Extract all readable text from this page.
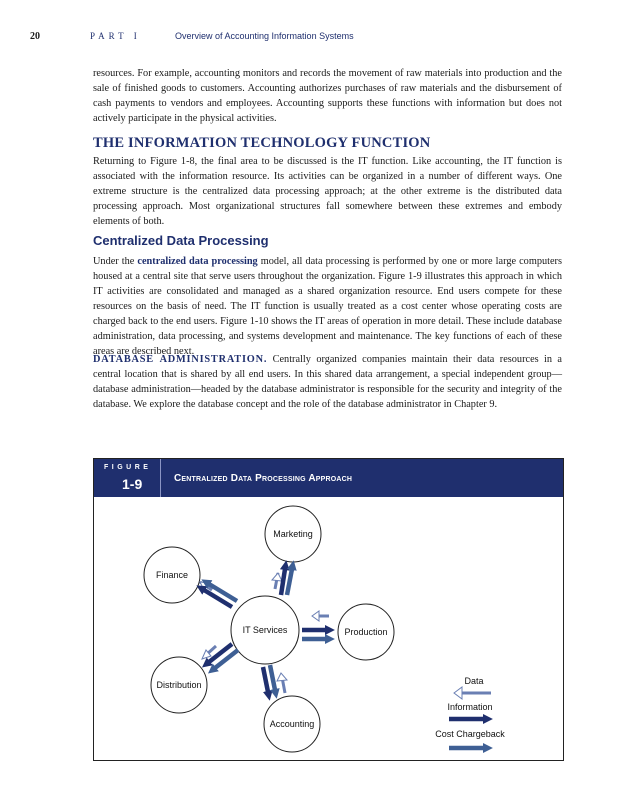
20	PART I	Overview of Accounting Information Systems

resources. For example, accounting monitors and records the movement of raw materials into production and the sale of finished goods to customers. Accounting authorizes purchases of raw materials and the disbursement of cash payments to vendors and employees. Accounting supports these functions with information but does not actively participate in the physical activities.

THE INFORMATION TECHNOLOGY FUNCTION

Returning to Figure 1-8, the final area to be discussed is the IT function. Like accounting, the IT function is associated with the information resource. Its activities can be organized in a number of different ways. One extreme structure is the centralized data processing approach; at the other extreme is the distributed data processing approach. Most organizational structures fall somewhere between these extremes and embody elements of both.

Centralized Data Processing

Under the centralized data processing model, all data processing is performed by one or more large computers housed at a central site that serve users throughout the organization. Figure 1-9 illustrates this approach in which IT activities are consolidated and managed as a shared organization resource. End users compete for these resources on the basis of need. The IT function is usually treated as a cost center whose operating costs are charged back to the end users. Figure 1-10 shows the IT areas of operation in more detail. These include database administration, data processing, and systems development and maintenance. The key functions of each of these areas are described next.

DATABASE ADMINISTRATION. Centrally organized companies maintain their data resources in a central location that is shared by all end users. In this shared data arrangement, a special independent group—database administration—headed by the database administrator is responsible for the security and integrity of the database. We explore the database concept and the role of the database administrator in Chapter 9.

FIGURE
1-9	Centralized Data Processing Approach
IT Services
Marketing
Finance
Production
Distribution
Accounting
Data
Information
Cost Chargeback
